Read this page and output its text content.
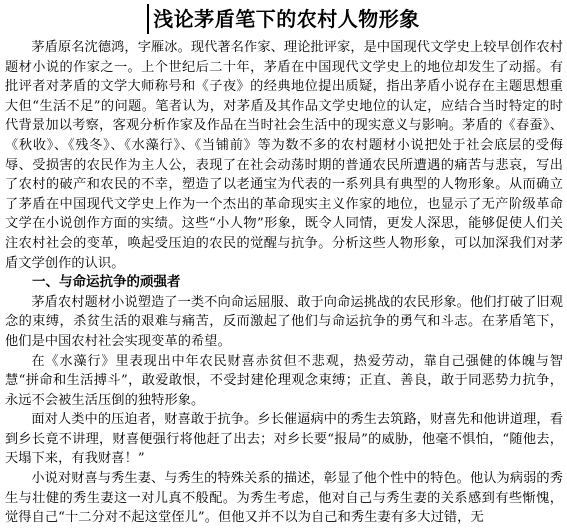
浅论茅盾笔下的农村人物形象

茅盾原名沈德鸿，字雁冰。现代著名作家、理论批评家，是中国现代文学史上较早创作农村题材小说的作家之一。上个世纪后二十年，茅盾在中国现代文学史上的地位却发生了动摇。有批评者对茅盾的文学大师称号和《子夜》的经典地位提出质疑，指出茅盾小说存在主题思想重大但“生活不足”的问题。笔者认为，对茅盾及其作品文学史地位的认定，应结合当时特定的时代背景加以考察，客观分析作家及作品在当时社会生活中的现实意义与影响。茅盾的《春蚕》、《秋收》、《残冬》、《水藻行》、《当铺前》等为数不多的农村题材小说把处于社会底层的受侮辱、受损害的农民作为主人公，表现了在社会动荡时期的普通农民所遭遇的痛苦与悲哀，写出了农村的破产和农民的不幸，塑造了以老通宝为代表的一系列具有典型的人物形象。从而确立了茅盾在中国现代文学史上作为一个杰出的革命现实主义作家的地位，也显示了无产阶级革命文学在小说创作方面的实绩。这些“小人物”形象，既令人同情，更发人深思，能够促使人们关注农村社会的变革，唤起受压迫的农民的觉醒与抗争。分析这些人物形象，可以加深我们对茅盾文学创作的认识。

一、与命运抗争的顽强者

茅盾农村题材小说塑造了一类不向命运屈服、敢于向命运挑战的农民形象。他们打破了旧观念的束缚，杀贫生活的艰难与痛苦，反而激起了他们与命运抗争的勇气和斗志。在茅盾笔下，他们是中国农村社会实现变革的希望。

在《水藻行》里表现出中年农民财喜赤贫但不悲观，热爱劳动，靠自己强健的体魄与智慧“拼命和生活搏斗”，敢爱敢恨，不受封建伦理观念束缚；正直、善良，敢于同恶势力抗争，永远不会被生活压倒的独特形象。

面对人类中的压迫者，财喜敢于抗争。乡长催逼病中的秀生去筑路，财喜先和他讲道理，看到乡长竟不讲理，财喜便强行将他赶了出去；对乡长要“报局”的威胁，他毫不惧怕，“随他去，天塌下来，有我财喜！”

小说对财喜与秀生妻、与秀生的特殊关系的描述，彰显了他个性中的特色。他认为病弱的秀生与壮健的秀生妻这一对儿真不般配。为秀生考虑，他对自己与秀生妻的关系感到有些惭愧，觉得自己“十二分对不起这堂侄儿”。但他又并不以为自己和秀生妻有多大过错，无
